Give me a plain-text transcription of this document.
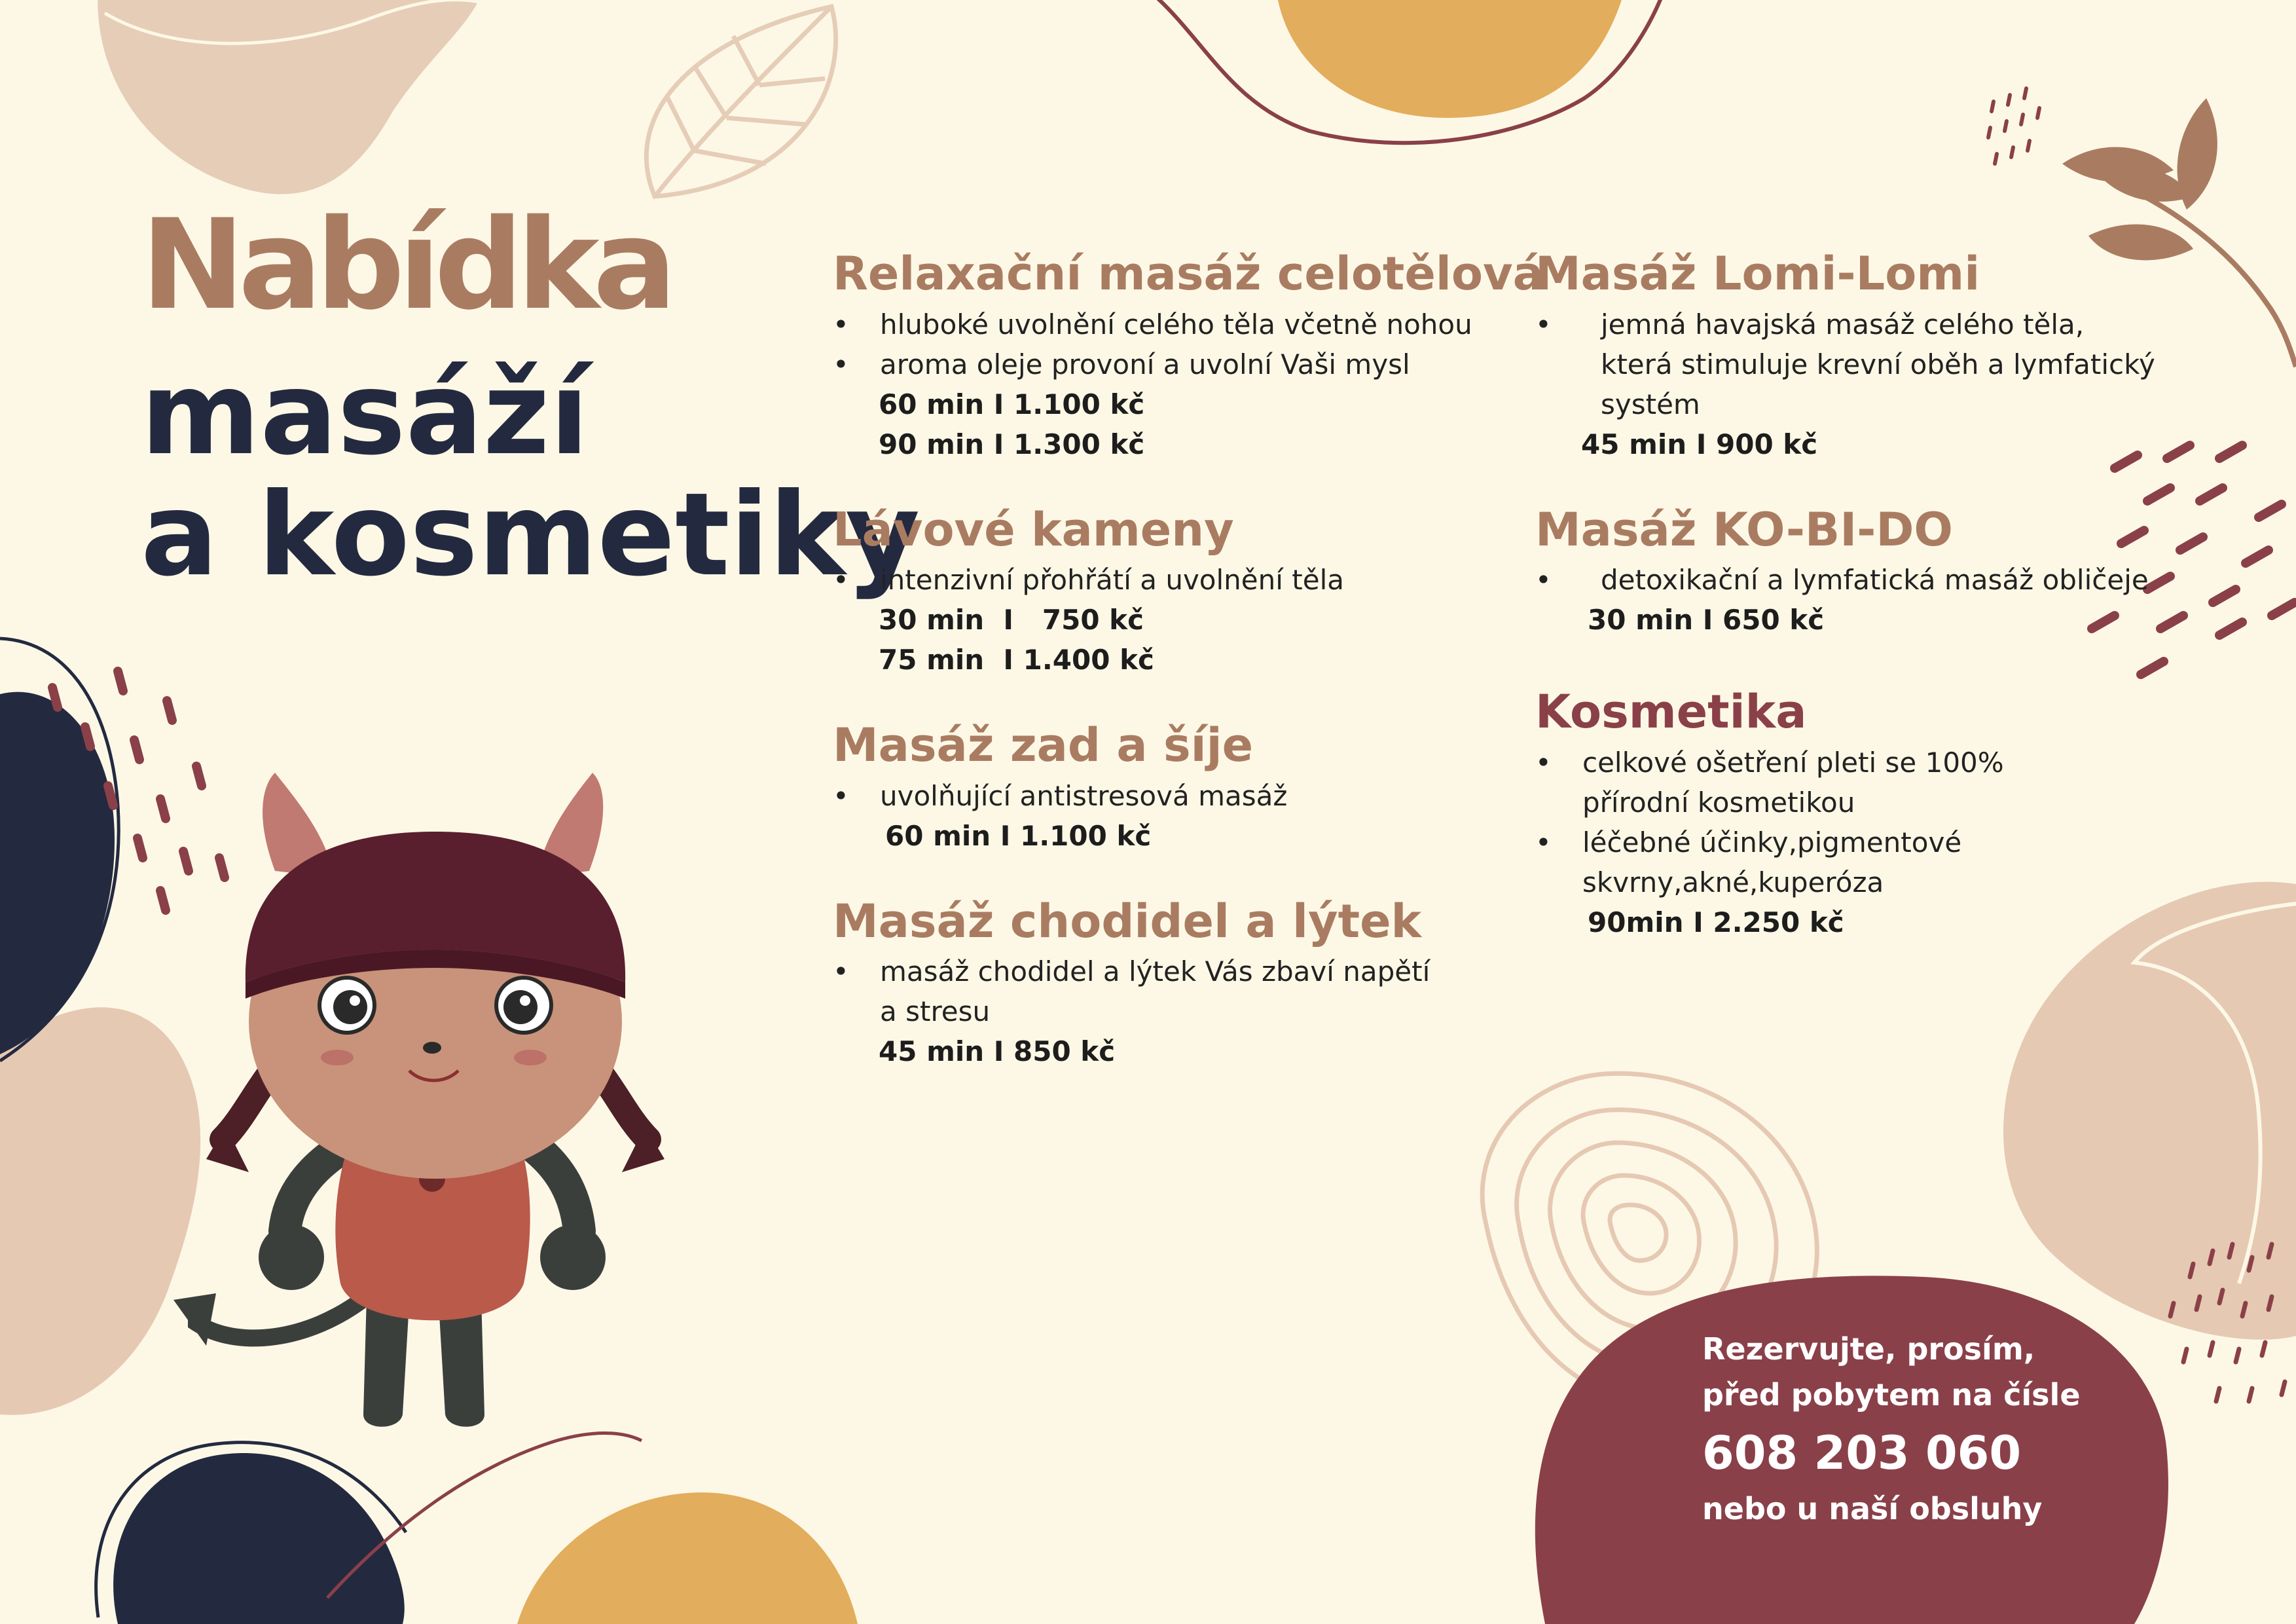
Nabídka
masáží
a kosmetiky
Relaxační masáž celotělová
• hluboké uvolnění celého těla včetně nohou
• aroma oleje provoní a uvolní Vaši mysl
60 min I 1.100 kč
90 min I 1.300 kč
Lávové kameny
• intenzivní přohřátí a uvolnění těla
30 min  I   750 kč
75 min  I 1.400 kč
Masáž zad a šíje
• uvolňující antistresová masáž
60 min I 1.100 kč
Masáž chodidel a lýtek
• masáž chodidel a lýtek Vás zbaví napětí a stresu
45 min I 850 kč
Masáž Lomi-Lomi
• jemná havajská masáž celého těla, která stimuluje krevní oběh a lymfatický systém
45 min I 900 kč
Masáž KO-BI-DO
• detoxikační a lymfatická masáž obličeje
30 min I 650 kč
Kosmetika
• celkové ošetření pleti se 100% přírodní kosmetikou
• léčebné účinky,pigmentové skvrny,akné,kuperóza
90min I 2.250 kč
Rezervujte, prosím,
před pobytem na čísle
608 203 060
nebo u naší obsluhy
